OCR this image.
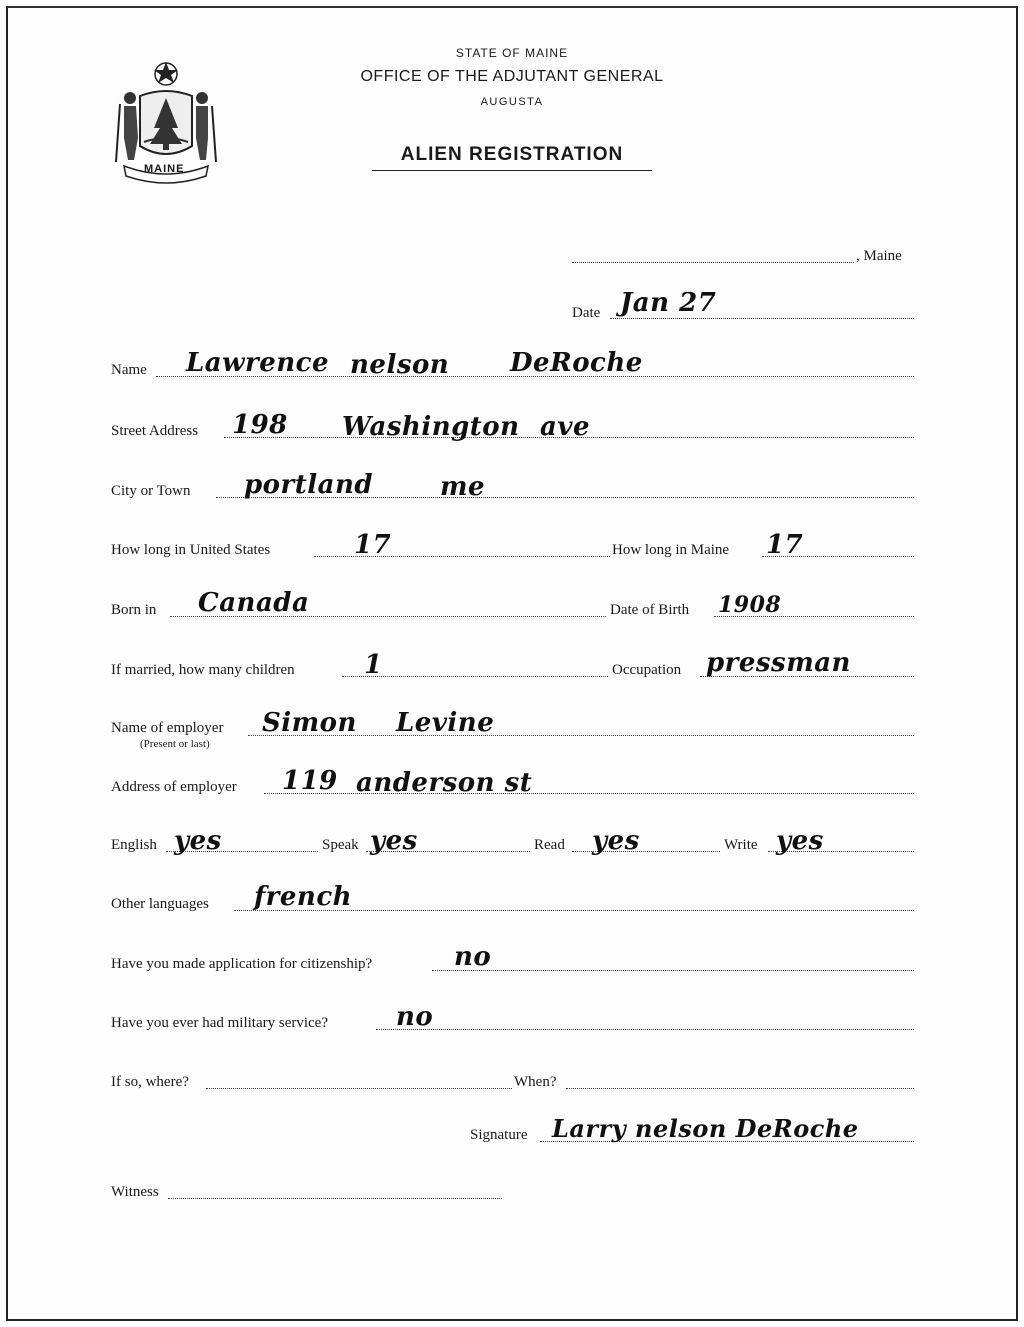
MAINE
STATE OF MAINE
OFFICE OF THE ADJUTANT GENERAL
AUGUSTA
ALIEN REGISTRATION
, Maine
Date Jan 27
Name Lawrence nelson DeRoche
Street Address 198 Washington ave
City or Town portland	me
How long in United States	17	How long in Maine 17
Born in Canada	Date of Birth 1908
If married, how many children	1	Occupation pressman
Name of employer
(Present or last)
Simon Levine
Address of employer 119 anderson st
English yes	Speak yes	Read yes	Write yes
Other languages french
Have you made application for citizenship?	no
Have you ever had military service?	no
If so, where?	When?
Signature Larry nelson DeRoche
Witness
